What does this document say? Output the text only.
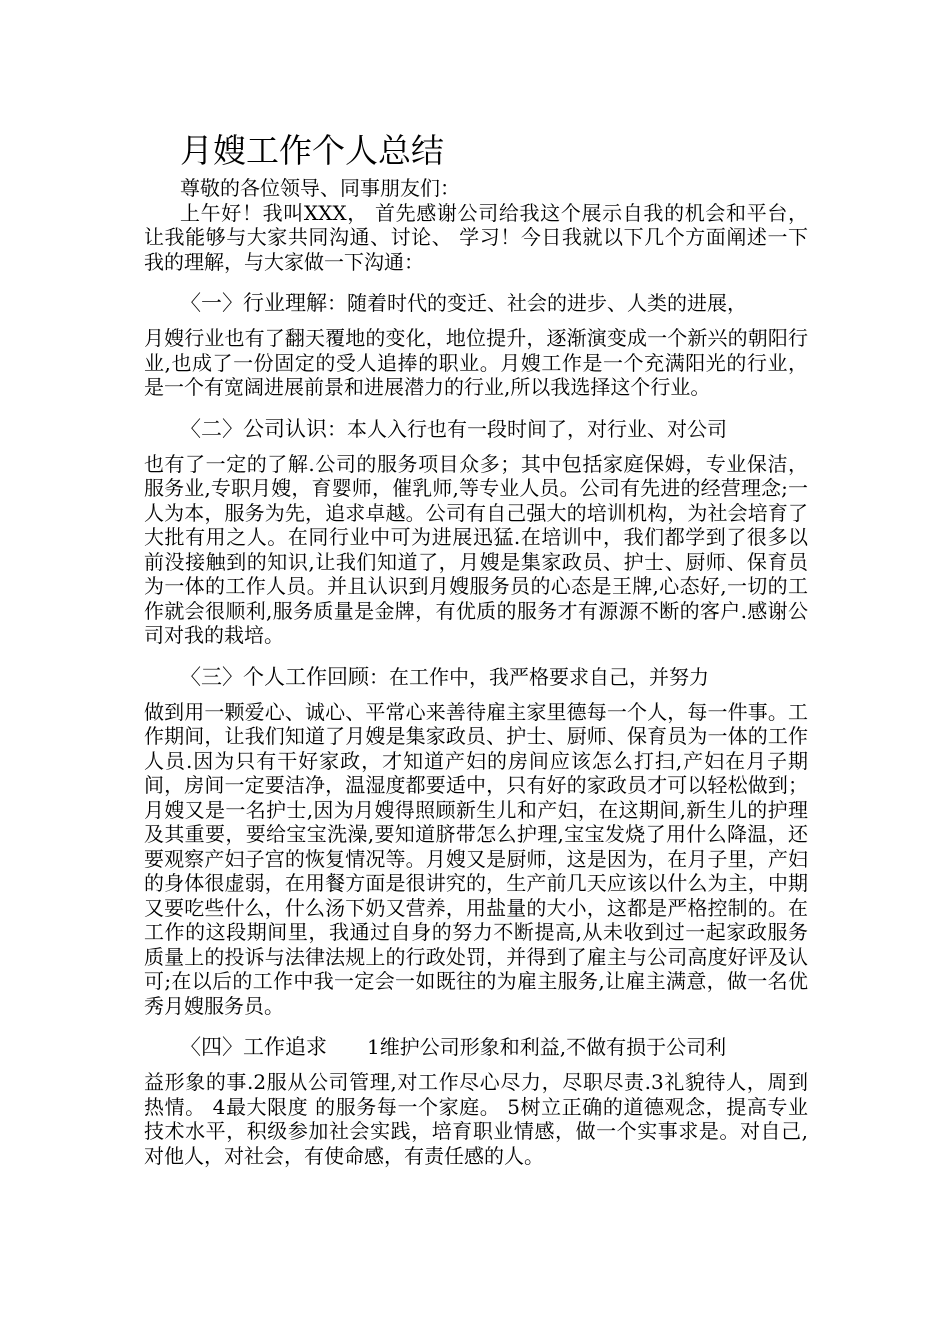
月嫂工作个人总结

尊敬的各位领导、同事朋友们：

上午好！我叫XXX， 首先感谢公司给我这个展示自我的机会和平台，让我能够与大家共同沟通、讨论、 学习！今日我就以下几个方面阐述一下我的理解，与大家做一下沟通：

〈一〉行业理解：随着时代的变迁、社会的进步、人类的进展，

月嫂行业也有了翻天覆地的变化，地位提升，逐渐演变成一个新兴的朝阳行业,也成了一份固定的受人追捧的职业。月嫂工作是一个充满阳光的行业，是一个有宽阔进展前景和进展潜力的行业,所以我选择这个行业。

〈二〉公司认识：本人入行也有一段时间了，对行业、对公司

也有了一定的了解.公司的服务项目众多；其中包括家庭保姆，专业保洁，服务业,专职月嫂，育婴师，催乳师,等专业人员。公司有先进的经营理念;一人为本，服务为先，追求卓越。公司有自己强大的培训机构，为社会培育了大批有用之人。在同行业中可为进展迅猛.在培训中，我们都学到了很多以前没接触到的知识,让我们知道了，月嫂是集家政员、护士、厨师、保育员为一体的工作人员。并且认识到月嫂服务员的心态是王牌,心态好,一切的工作就会很顺利,服务质量是金牌，有优质的服务才有源源不断的客户.感谢公司对我的栽培。

〈三〉个人工作回顾：在工作中，我严格要求自己，并努力

做到用一颗爱心、诚心、平常心来善待雇主家里德每一个人，每一件事。工作期间，让我们知道了月嫂是集家政员、护士、厨师、保育员为一体的工作人员.因为只有干好家政，才知道产妇的房间应该怎么打扫,产妇在月子期间，房间一定要洁净，温湿度都要适中，只有好的家政员才可以轻松做到；月嫂又是一名护士,因为月嫂得照顾新生儿和产妇，在这期间,新生儿的护理及其重要，要给宝宝洗澡,要知道脐带怎么护理,宝宝发烧了用什么降温，还要观察产妇子宫的恢复情况等。月嫂又是厨师，这是因为，在月子里，产妇的身体很虚弱，在用餐方面是很讲究的，生产前几天应该以什么为主，中期又要吃些什么，什么汤下奶又营养，用盐量的大小，这都是严格控制的。在工作的这段期间里，我通过自身的努力不断提高,从未收到过一起家政服务质量上的投诉与法律法规上的行政处罚，并得到了雇主与公司高度好评及认可;在以后的工作中我一定会一如既往的为雇主服务,让雇主满意，做一名优秀月嫂服务员。

〈四〉工作追求 1维护公司形象和利益,不做有损于公司利

益形象的事.2服从公司管理,对工作尽心尽力，尽职尽责.3礼貌待人，周到热情。 4最大限度 的服务每一个家庭。 5树立正确的道德观念，提高专业技术水平，积级参加社会实践，培育职业情感，做一个实事求是。对自己,对他人，对社会，有使命感，有责任感的人。
